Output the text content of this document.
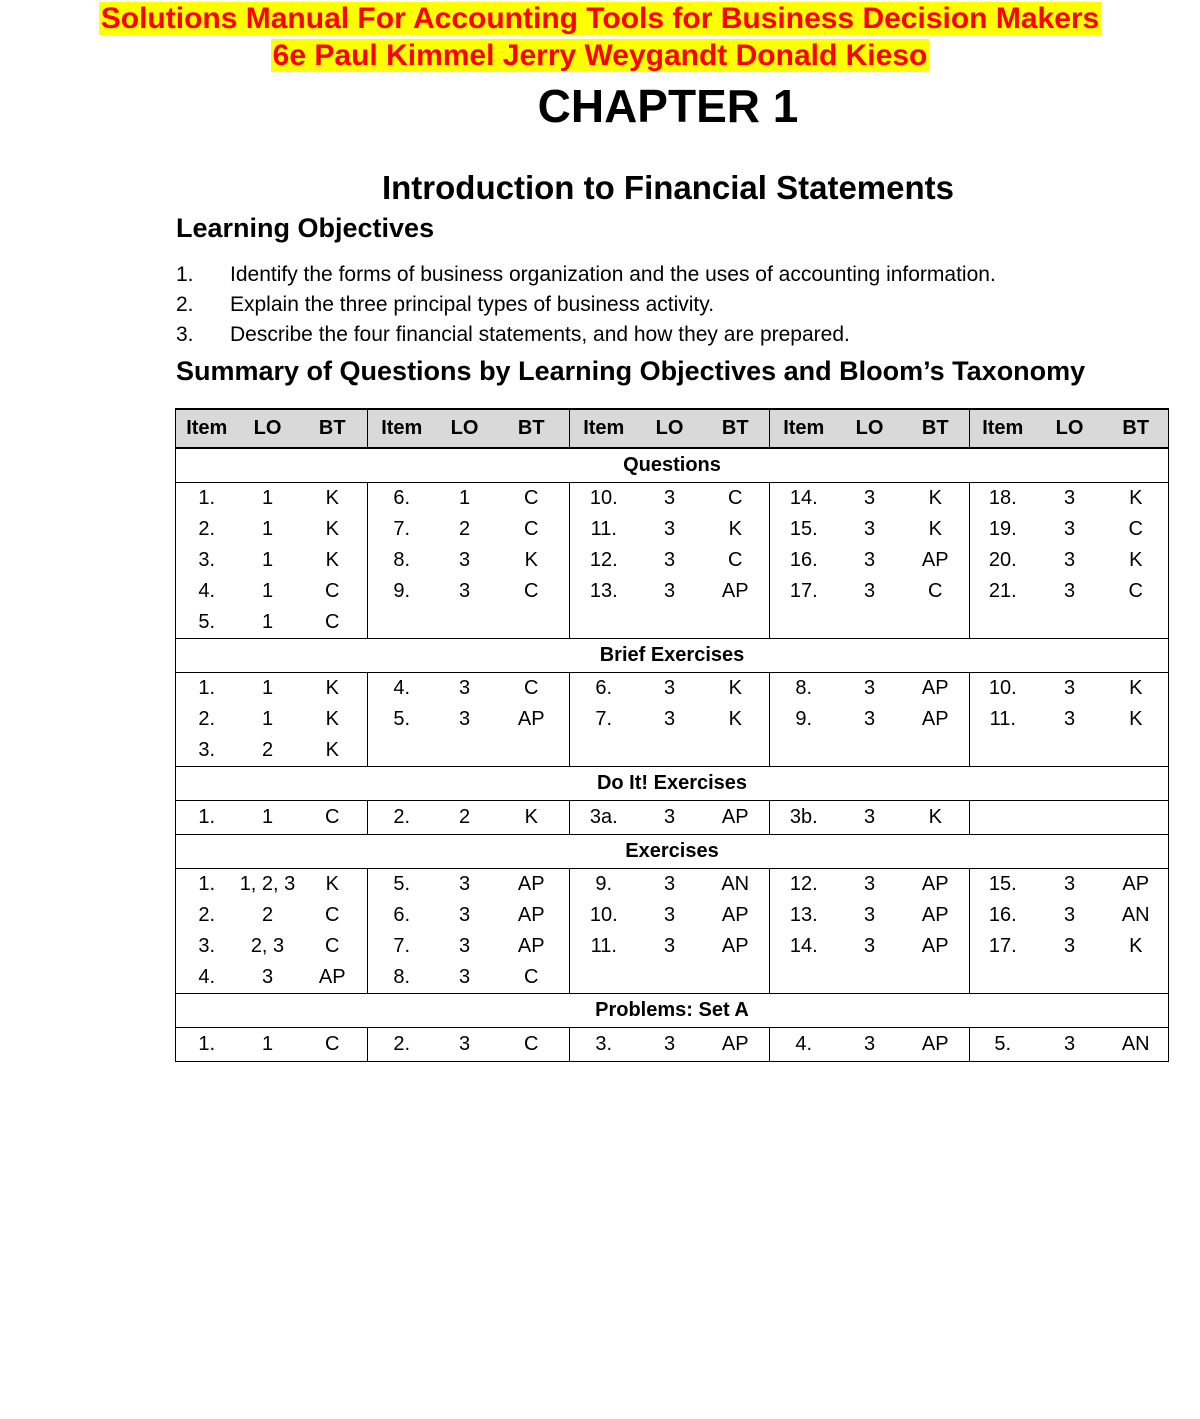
Solutions Manual For Accounting Tools for Business Decision Makers
6e Paul Kimmel Jerry Weygandt Donald Kieso
CHAPTER 1
Introduction to Financial Statements
Learning Objectives
1.	Identify the forms of business organization and the uses of accounting information.
2.	Explain the three principal types of business activity.
3.	Describe the four financial statements, and how they are prepared.
Summary of Questions by Learning Objectives and Bloom’s Taxonomy
Item	LO	BT	Item	LO	BT	Item	LO	BT	Item	LO	BT	Item	LO	BT
Questions														
1.	1	K	6.	1	C	10.	3	C	14.	3	K	18.	3	K
2.	1	K	7.	2	C	11.	3	K	15.	3	K	19.	3	C
3.	1	K	8.	3	K	12.	3	C	16.	3	AP	20.	3	K
4.	1	C	9.	3	C	13.	3	AP	17.	3	C	21.	3	C
5.	1	C												
Brief Exercises														
1.	1	K	4.	3	C	6.	3	K	8.	3	AP	10.	3	K
2.	1	K	5.	3	AP	7.	3	K	9.	3	AP	11.	3	K
3.	2	K												
Do It! Exercises														
1.	1	C	2.	2	K	3a.	3	AP	3b.	3	K			
Exercises														
1.	1, 2, 3	K	5.	3	AP	9.	3	AN	12.	3	AP	15.	3	AP
2.	2	C	6.	3	AP	10.	3	AP	13.	3	AP	16.	3	AN
3.	2, 3	C	7.	3	AP	11.	3	AP	14.	3	AP	17.	3	K
4.	3	AP	8.	3	C									
Problems: Set A														
1.	1	C	2.	3	C	3.	3	AP	4.	3	AP	5.	3	AN
